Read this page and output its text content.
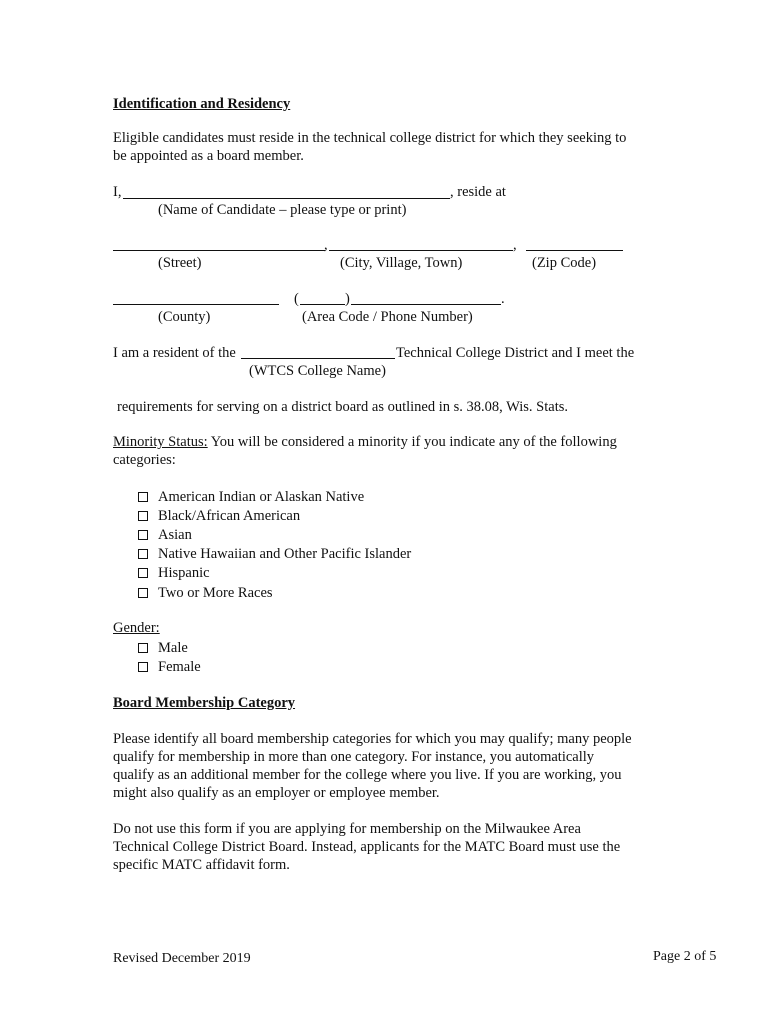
Identification and Residency
Eligible candidates must reside in the technical college district for which they seeking to
be appointed as a board member.
I,	, reside at
(Name of Candidate – please type or print)
,	,
(Street)	(City, Village, Town)	(Zip Code)
(	)	.
(County)	(Area Code / Phone Number)
I am a resident of the	Technical College District and I meet the
(WTCS College Name)
requirements for serving on a district board as outlined in s. 38.08, Wis. Stats.
Minority Status: You will be considered a minority if you indicate any of the following
categories:
American Indian or Alaskan Native
Black/African American
Asian
Native Hawaiian and Other Pacific Islander
Hispanic
Two or More Races
Gender:
Male
Female
Board Membership Category
Please identify all board membership categories for which you may qualify; many people
qualify for membership in more than one category. For instance, you automatically
qualify as an additional member for the college where you live. If you are working, you
might also qualify as an employer or employee member.
Do not use this form if you are applying for membership on the Milwaukee Area
Technical College District Board. Instead, applicants for the MATC Board must use the
specific MATC affidavit form.
Revised December 2019	Page 2 of 5
